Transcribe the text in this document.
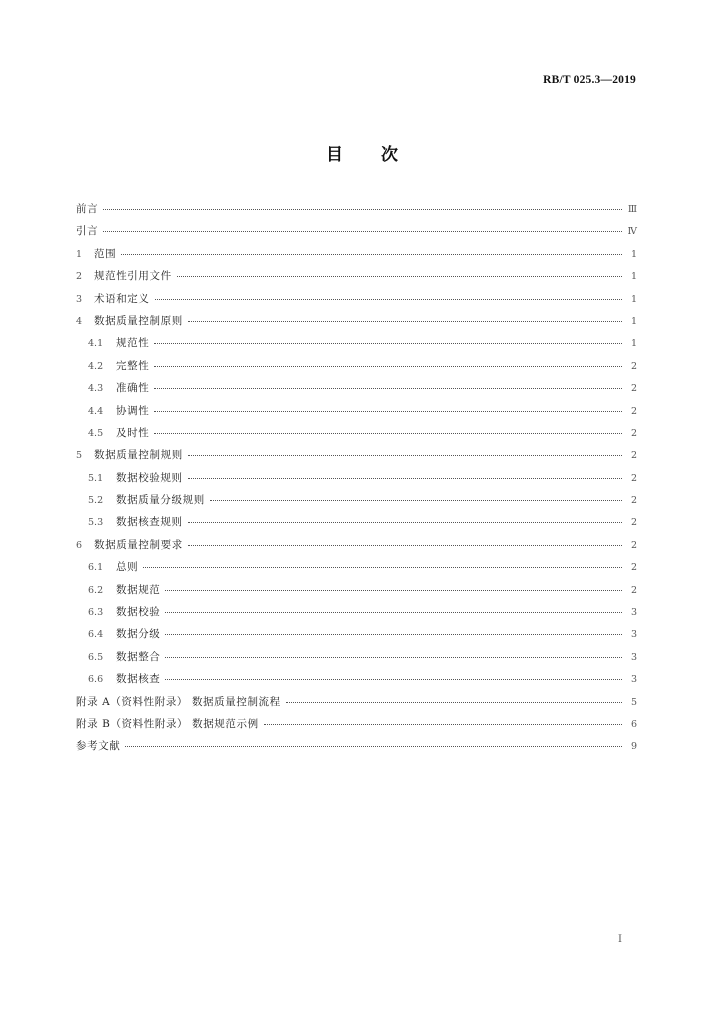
RB/T 025.3—2019
目次
前言	Ⅲ
引言	Ⅳ
1	范围	1
2	规范性引用文件	1
3	术语和定义	1
4	数据质量控制原则	1
4.1	规范性	1
4.2	完整性	2
4.3	准确性	2
4.4	协调性	2
4.5	及时性	2
5	数据质量控制规则	2
5.1	数据校验规则	2
5.2	数据质量分级规则	2
5.3	数据核查规则	2
6	数据质量控制要求	2
6.1	总则	2
6.2	数据规范	2
6.3	数据校验	3
6.4	数据分级	3
6.5	数据整合	3
6.6	数据核查	3
附录 A（资料性附录） 数据质量控制流程	5
附录 B（资料性附录） 数据规范示例	6
参考文献	9
I
